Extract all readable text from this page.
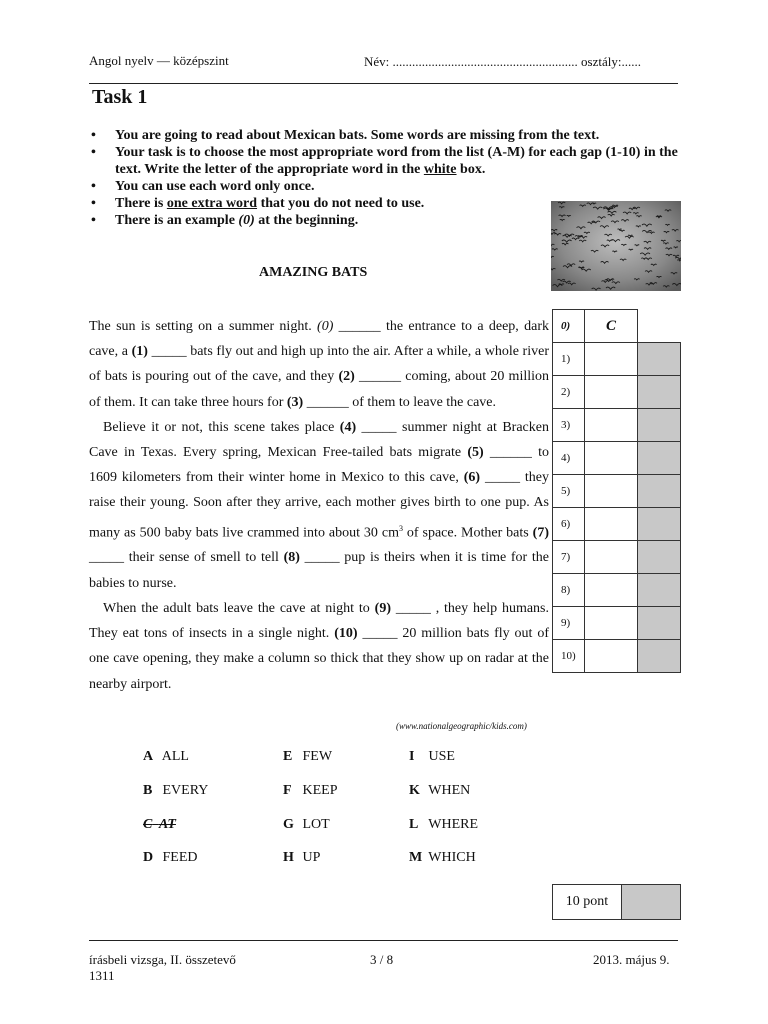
Angol nyelv — középszint	Név: ......................................................... osztály:......
Task 1
• You are going to read about Mexican bats. Some words are missing from the text.
• Your task is to choose the most appropriate word from the list (A-M) for each gap (1-10) in the text. Write the letter of the appropriate word in the white box.
• You can use each word only once.
• There is one extra word that you do not need to use.
• There is an example (0) at the beginning.
AMAZING BATS

The sun is setting on a summer night. (0) ______ the entrance to a deep, dark cave, a (1) _____ bats fly out and high up into the air. After a while, a whole river of bats is pouring out of the cave, and they (2) ______ coming, about 20 million of them. It can take three hours for (3) ______ of them to leave the cave.

Believe it or not, this scene takes place (4) _____ summer night at Bracken Cave in Texas. Every spring, Mexican Free-tailed bats migrate (5) ______ to 1609 kilometers from their winter home in Mexico to this cave, (6) _____ they raise their young. Soon after they arrive, each mother gives birth to one pup. As many as 500 baby bats live crammed into about 30 $cm^3$ of space. Mother bats (7) _____ their sense of smell to tell (8) _____ pup is theirs when it is time for the babies to nurse.

When the adult bats leave the cave at night to (9) _____ , they help humans. They eat tons of insects in a single night. (10) _____ 20 million bats fly out of one cave opening, they make a column so thick that they show up on radar at the nearby airport.

(www.nationalgeographic/kids.com)
0)	C	
1)		
2)		
3)		
4)		
5)		
6)		
7)		
8)		
9)		
10)		
A ALL
B EVERY
C AT
D FEED
E FEW
F KEEP
G LOT
H UP
I USE
K WHEN
L WHERE
M WHICH
10 pont
írásbeli vizsga, II. összetevő
1311
3 / 8	2013. május 9.
